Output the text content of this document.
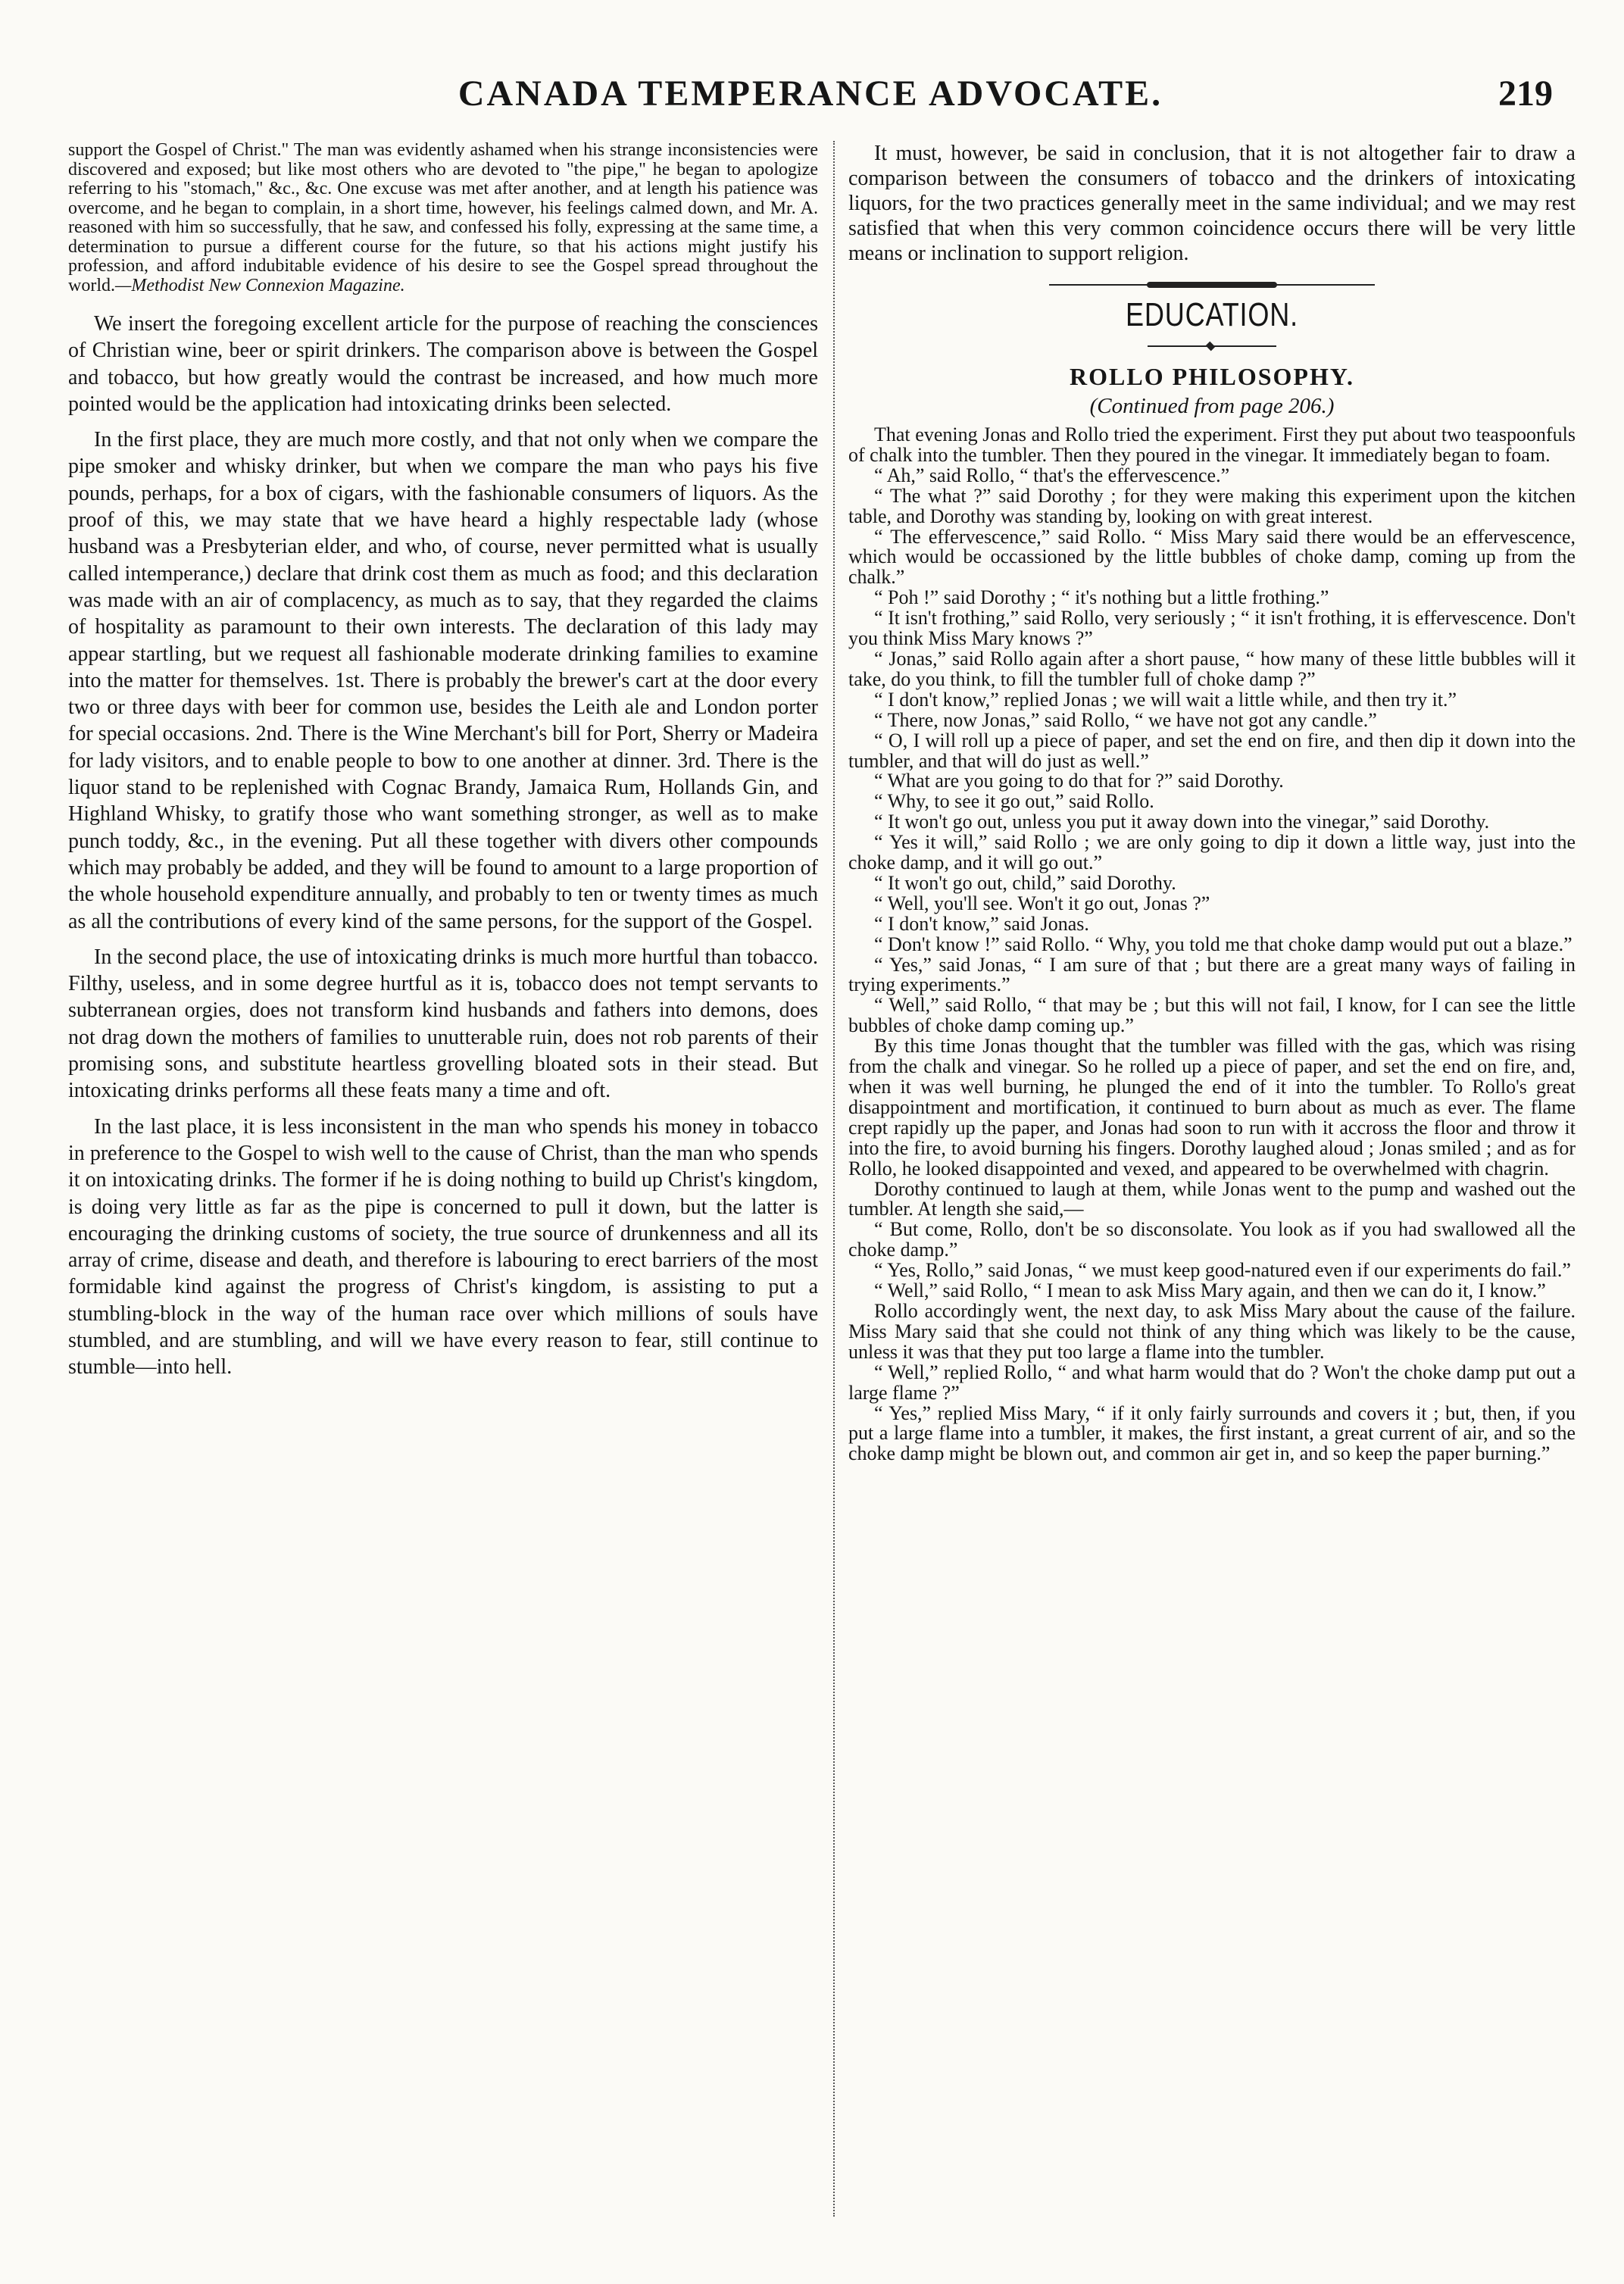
CANADA TEMPERANCE ADVOCATE.	219

support the Gospel of Christ." The man was evidently ashamed when his strange inconsistencies were discovered and exposed; but like most others who are devoted to "the pipe," he began to apologize referring to his "stomach," &c., &c. One excuse was met after another, and at length his patience was overcome, and he began to complain, in a short time, however, his feelings calmed down, and Mr. A. reasoned with him so successfully, that he saw, and confessed his folly, expressing at the same time, a determination to pursue a different course for the future, so that his actions might justify his profession, and afford indubitable evidence of his desire to see the Gospel spread throughout the world.—Methodist New Connexion Magazine.

We insert the foregoing excellent article for the purpose of reaching the consciences of Christian wine, beer or spirit drinkers. The comparison above is between the Gospel and tobacco, but how greatly would the contrast be increased, and how much more pointed would be the application had intoxicating drinks been selected.

In the first place, they are much more costly, and that not only when we compare the pipe smoker and whisky drinker, but when we compare the man who pays his five pounds, perhaps, for a box of cigars, with the fashionable consumers of liquors. As the proof of this, we may state that we have heard a highly respectable lady (whose husband was a Presbyterian elder, and who, of course, never permitted what is usually called intemperance,) declare that drink cost them as much as food; and this declaration was made with an air of complacency, as much as to say, that they regarded the claims of hospitality as paramount to their own interests. The declaration of this lady may appear startling, but we request all fashionable moderate drinking families to examine into the matter for themselves. 1st. There is probably the brewer's cart at the door every two or three days with beer for common use, besides the Leith ale and London porter for special occasions. 2nd. There is the Wine Merchant's bill for Port, Sherry or Madeira for lady visitors, and to enable people to bow to one another at dinner. 3rd. There is the liquor stand to be replenished with Cognac Brandy, Jamaica Rum, Hollands Gin, and Highland Whisky, to gratify those who want something stronger, as well as to make punch toddy, &c., in the evening. Put all these together with divers other compounds which may probably be added, and they will be found to amount to a large proportion of the whole household expenditure annually, and probably to ten or twenty times as much as all the contributions of every kind of the same persons, for the support of the Gospel.

In the second place, the use of intoxicating drinks is much more hurtful than tobacco. Filthy, useless, and in some degree hurtful as it is, tobacco does not tempt servants to subterranean orgies, does not transform kind husbands and fathers into demons, does not drag down the mothers of families to unutterable ruin, does not rob parents of their promising sons, and substitute heartless grovelling bloated sots in their stead. But intoxicating drinks performs all these feats many a time and oft.

In the last place, it is less inconsistent in the man who spends his money in tobacco in preference to the Gospel to wish well to the cause of Christ, than the man who spends it on intoxicating drinks. The former if he is doing nothing to build up Christ's kingdom, is doing very little as far as the pipe is concerned to pull it down, but the latter is encouraging the drinking customs of society, the true source of drunkenness and all its array of crime, disease and death, and therefore is labouring to erect barriers of the most formidable kind against the progress of Christ's kingdom, is assisting to put a stumbling-block in the way of the human race over which millions of souls have stumbled, and are stumbling, and will we have every reason to fear, still continue to stumble—into hell.

It must, however, be said in conclusion, that it is not altogether fair to draw a comparison between the consumers of tobacco and the drinkers of intoxicating liquors, for the two practices generally meet in the same individual; and we may rest satisfied that when this very common coincidence occurs there will be very little means or inclination to support religion.

EDUCATION.

ROLLO PHILOSOPHY.

(Continued from page 206.)

That evening Jonas and Rollo tried the experiment. First they put about two teaspoonfuls of chalk into the tumbler. Then they poured in the vinegar. It immediately began to foam.

“ Ah,” said Rollo, “ that's the effervescence.”

“ The what ?” said Dorothy ; for they were making this experiment upon the kitchen table, and Dorothy was standing by, looking on with great interest.

“ The effervescence,” said Rollo. “ Miss Mary said there would be an effervescence, which would be occassioned by the little bubbles of choke damp, coming up from the chalk.”

“ Poh !” said Dorothy ; “ it's nothing but a little frothing.”

“ It isn't frothing,” said Rollo, very seriously ; “ it isn't frothing, it is effervescence. Don't you think Miss Mary knows ?”

“ Jonas,” said Rollo again after a short pause, “ how many of these little bubbles will it take, do you think, to fill the tumbler full of choke damp ?”

“ I don't know,” replied Jonas ; we will wait a little while, and then try it.”

“ There, now Jonas,” said Rollo, “ we have not got any candle.”

“ O, I will roll up a piece of paper, and set the end on fire, and then dip it down into the tumbler, and that will do just as well.”

“ What are you going to do that for ?” said Dorothy.

“ Why, to see it go out,” said Rollo.

“ It won't go out, unless you put it away down into the vinegar,” said Dorothy.

“ Yes it will,” said Rollo ; we are only going to dip it down a little way, just into the choke damp, and it will go out.”

“ It won't go out, child,” said Dorothy.

“ Well, you'll see. Won't it go out, Jonas ?”

“ I don't know,” said Jonas.

“ Don't know !” said Rollo. “ Why, you told me that choke damp would put out a blaze.”

“ Yes,” said Jonas, “ I am sure of that ; but there are a great many ways of failing in trying experiments.”

“ Well,” said Rollo, “ that may be ; but this will not fail, I know, for I can see the little bubbles of choke damp coming up.”

By this time Jonas thought that the tumbler was filled with the gas, which was rising from the chalk and vinegar. So he rolled up a piece of paper, and set the end on fire, and, when it was well burning, he plunged the end of it into the tumbler. To Rollo's great disappointment and mortification, it continued to burn about as much as ever. The flame crept rapidly up the paper, and Jonas had soon to run with it accross the floor and throw it into the fire, to avoid burning his fingers. Dorothy laughed aloud ; Jonas smiled ; and as for Rollo, he looked disappointed and vexed, and appeared to be overwhelmed with chagrin.

Dorothy continued to laugh at them, while Jonas went to the pump and washed out the tumbler. At length she said,—

“ But come, Rollo, don't be so disconsolate. You look as if you had swallowed all the choke damp.”

“ Yes, Rollo,” said Jonas, “ we must keep good-natured even if our experiments do fail.”

“ Well,” said Rollo, “ I mean to ask Miss Mary again, and then we can do it, I know.”

Rollo accordingly went, the next day, to ask Miss Mary about the cause of the failure. Miss Mary said that she could not think of any thing which was likely to be the cause, unless it was that they put too large a flame into the tumbler.

“ Well,” replied Rollo, “ and what harm would that do ? Won't the choke damp put out a large flame ?”

“ Yes,” replied Miss Mary, “ if it only fairly surrounds and covers it ; but, then, if you put a large flame into a tumbler, it makes, the first instant, a great current of air, and so the choke damp might be blown out, and common air get in, and so keep the paper burning.”
